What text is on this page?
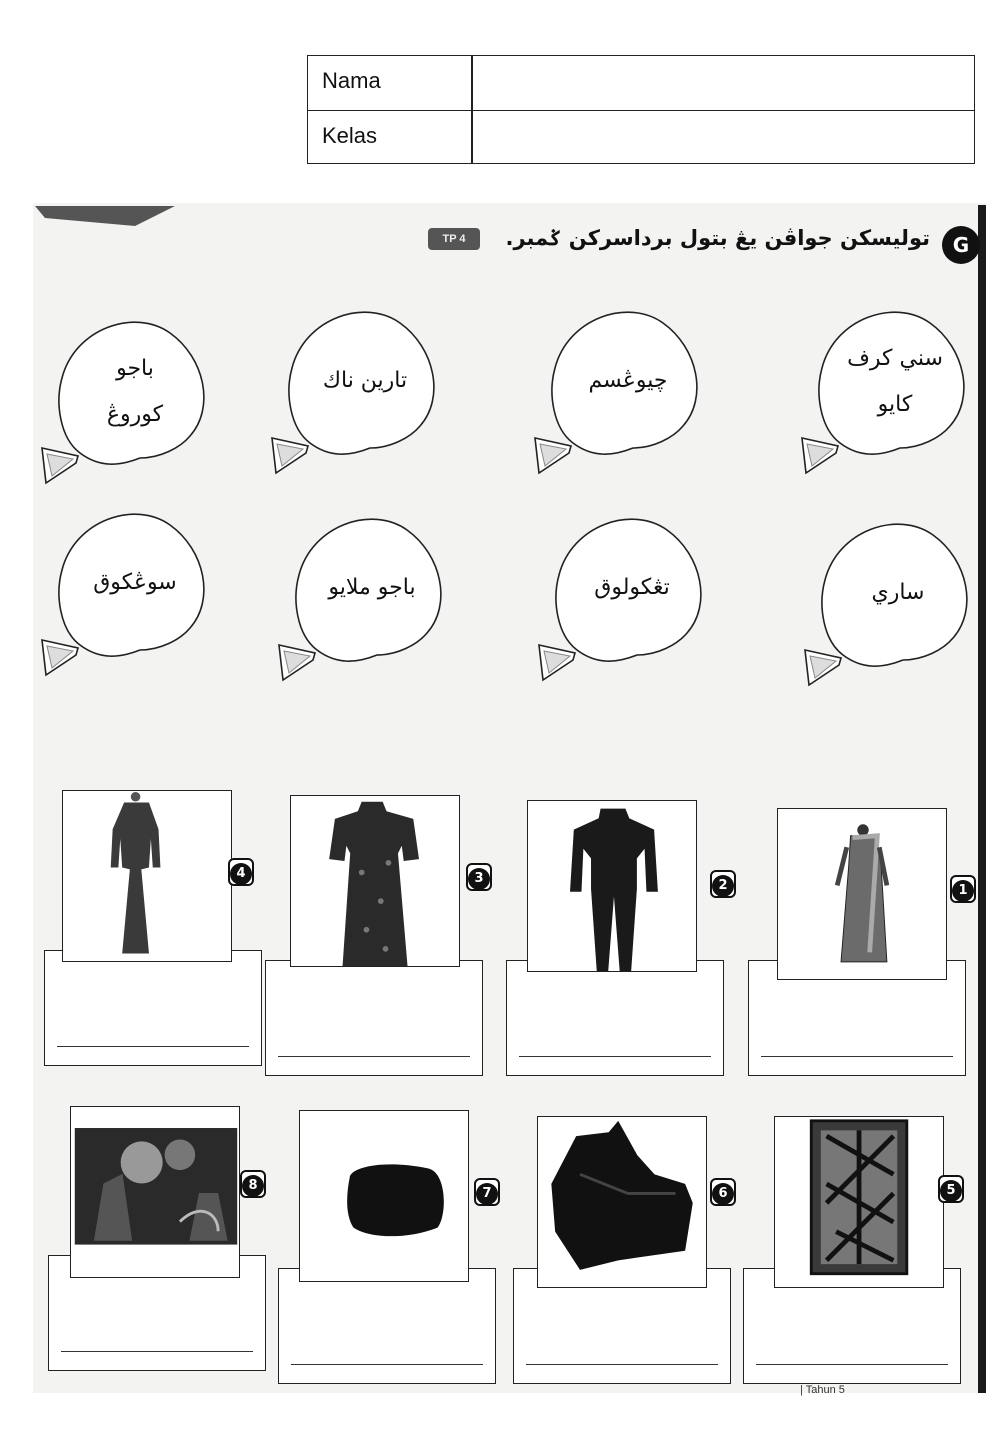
Nama
Kelas
G
توليسکن جواڤن يڠ بتول برداسرکن ݢمبر.
TP 4
سني كرف
كايو
چيوڠسم
تارين ناك
باجو
كوروڠ
ساري
تڠكولوق
باجو ملايو
سوڠكوق
1
2
3
4
5
6
7
8
| Tahun 5
